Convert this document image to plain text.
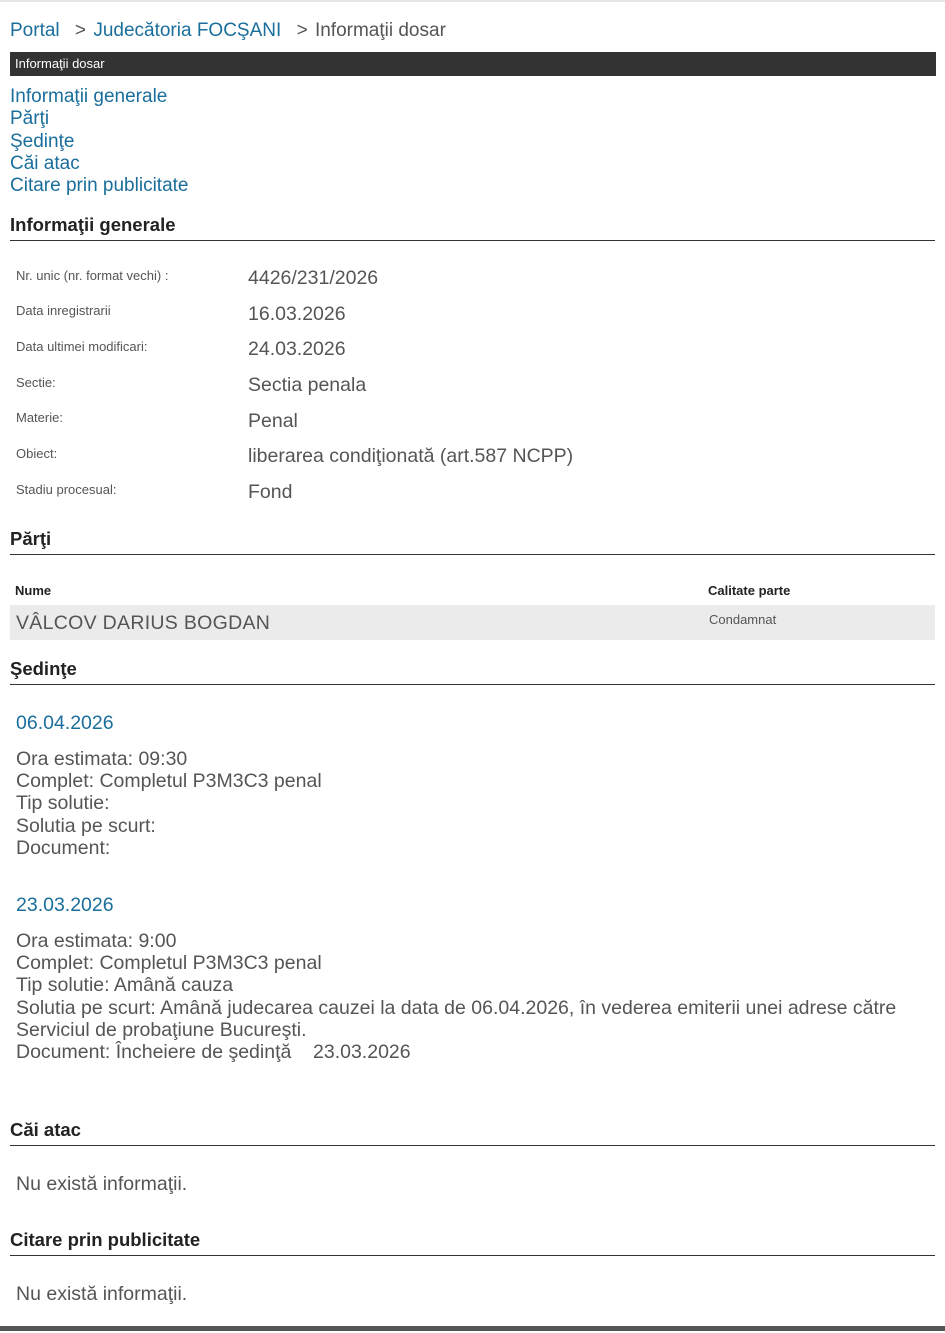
Portal > Judecătoria FOCŞANI > Informaţii dosar
Informaţii dosar
Informaţii generale
Părţi
Şedinţe
Căi atac
Citare prin publicitate
Informaţii generale
Nr. unic (nr. format vechi) :	4426/231/2026
Data inregistrarii	16.03.2026
Data ultimei modificari:	24.03.2026
Sectie:	Sectia penala
Materie:	Penal
Obiect:	liberarea condiţionată (art.587 NCPP)
Stadiu procesual:	Fond
Părţi
Nume	Calitate parte
VÂLCOV DARIUS BOGDAN	Condamnat
Şedinţe
06.04.2026
Ora estimata: 09:30
Complet: Completul P3M3C3 penal
Tip solutie:
Solutia pe scurt:
Document:
23.03.2026
Ora estimata: 9:00
Complet: Completul P3M3C3 penal
Tip solutie: Amână cauza
Solutia pe scurt: Amână judecarea cauzei la data de 06.04.2026, în vederea emiterii unei adrese către Serviciul de probaţiune Bucureşti.
Document: Încheiere de şedinţă    23.03.2026
Căi atac
Nu există informaţii.
Citare prin publicitate
Nu există informaţii.
